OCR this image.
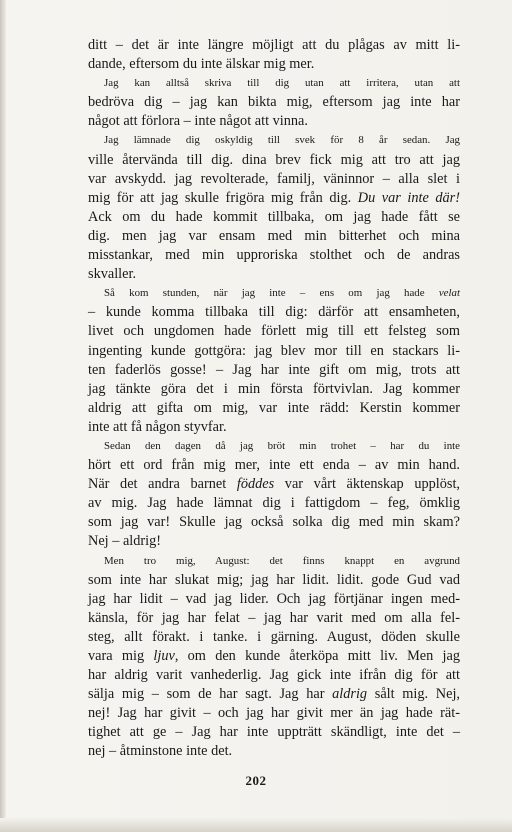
ditt – det är inte längre möjligt att du plågas av mitt li-
dande, eftersom du inte älskar mig mer.

Jag kan alltså skriva till dig utan att irritera, utan att
bedröva dig – jag kan bikta mig, eftersom jag inte har
något att förlora – inte något att vinna.

Jag lämnade dig oskyldig till svek för 8 år sedan. Jag
ville återvända till dig. dina brev fick mig att tro att jag
var avskydd. jag revolterade, familj, väninnor – alla slet i
mig för att jag skulle frigöra mig från dig. Du var inte där!
Ack om du hade kommit tillbaka, om jag hade fått se
dig. men jag var ensam med min bitterhet och mina
misstankar, med min upproriska stolthet och de andras
skvaller.

Så kom stunden, när jag inte – ens om jag hade velat
– kunde komma tillbaka till dig: därför att ensamheten,
livet och ungdomen hade förlett mig till ett felsteg som
ingenting kunde gottgöra: jag blev mor till en stackars li-
ten faderlös gosse! – Jag har inte gift om mig, trots att
jag tänkte göra det i min första förtvivlan. Jag kommer
aldrig att gifta om mig, var inte rädd: Kerstin kommer
inte att få någon styvfar.

Sedan den dagen då jag bröt min trohet – har du inte
hört ett ord från mig mer, inte ett enda – av min hand.
När det andra barnet föddes var vårt äktenskap upplöst,
av mig. Jag hade lämnat dig i fattigdom – feg, ömklig
som jag var! Skulle jag också solka dig med min skam?
Nej – aldrig!

Men tro mig, August: det finns knappt en avgrund
som inte har slukat mig; jag har lidit. lidit. gode Gud vad
jag har lidit – vad jag lider. Och jag förtjänar ingen med-
känsla, för jag har felat – jag har varit med om alla fel-
steg, allt förakt. i tanke. i gärning. August, döden skulle
vara mig ljuv, om den kunde återköpa mitt liv. Men jag
har aldrig varit vanhederlig. Jag gick inte ifrån dig för att
sälja mig – som de har sagt. Jag har aldrig sålt mig. Nej,
nej! Jag har givit – och jag har givit mer än jag hade rät-
tighet att ge – Jag har inte uppträtt skändligt, inte det –
nej – åtminstone inte det.

202
